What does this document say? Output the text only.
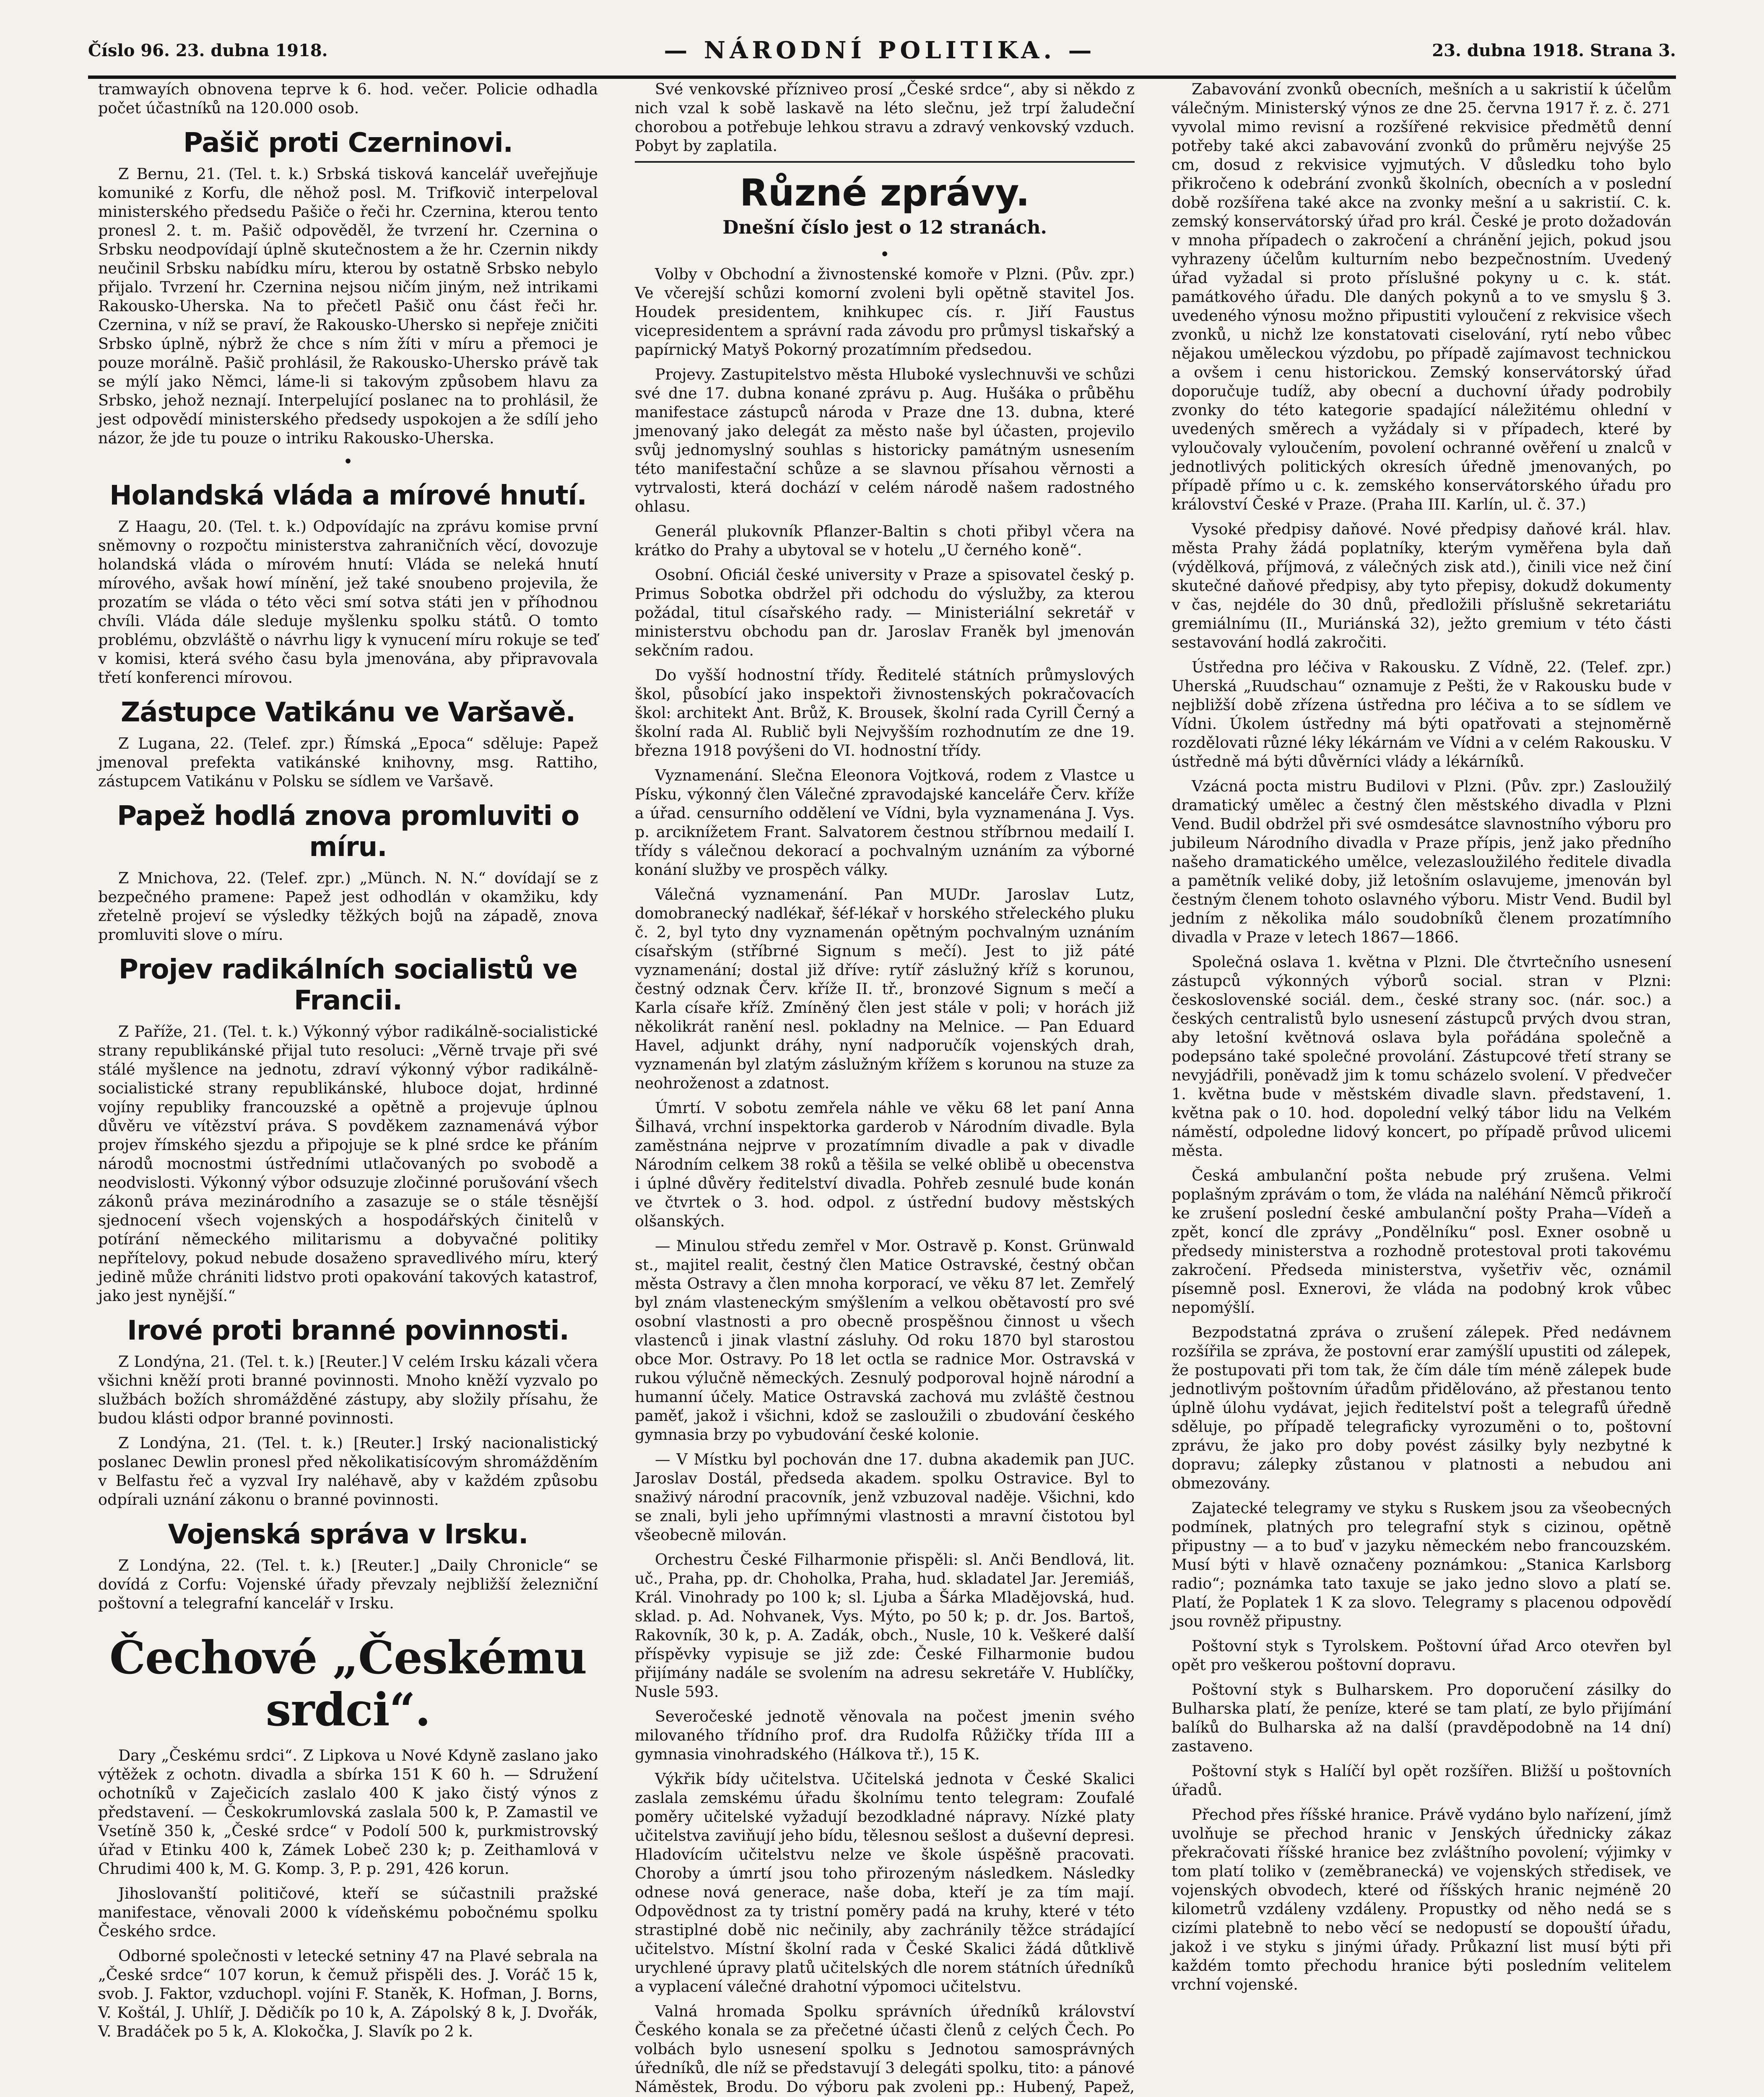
Číslo 96. 23. dubna 1918.	— NÁRODNÍ POLITIKA. —	23. dubna 1918. Strana 3.

tramwayích obnovena teprve k 6. hod. večer. Policie odhadla počet účastníků na 120.000 osob.

Pašič proti Czerninovi.

Z Bernu, 21. (Tel. t. k.) Srbská tisková kancelář uveřejňuje komuniké z Korfu, dle něhož posl. M. Trifkovič interpeloval ministerského předsedu Pašiče o řeči hr. Czernina, kterou tento pronesl 2. t. m. Pašič odpověděl, že tvrzení hr. Czernina o Srbsku neodpovídají úplně skutečnostem a že hr. Czernin nikdy neučinil Srbsku nabídku míru, kterou by ostatně Srbsko nebylo přijalo. Tvrzení hr. Czernina nejsou ničím jiným, než intrikami Rakousko-Uherska. Na to přečetl Pašič onu část řeči hr. Czernina, v níž se praví, že Rakousko-Uhersko si nepřeje zničiti Srbsko úplně, nýbrž že chce s ním žíti v míru a přemoci je pouze morálně. Pašič prohlásil, že Rakousko-Uhersko právě tak se mýlí jako Němci, láme-li si takovým způsobem hlavu za Srbsko, jehož neznají. Interpelující poslanec na to prohlásil, že jest odpovědí ministerského předsedy uspokojen a že sdílí jeho názor, že jde tu pouze o intriku Rakousko-Uherska.

•
Holandská vláda a mírové hnutí.

Z Haagu, 20. (Tel. t. k.) Odpovídajíc na zprávu komise první sněmovny o rozpočtu ministerstva zahraničních věcí, dovozuje holandská vláda o mírovém hnutí: Vláda se neleká hnutí mírového, avšak howí mínění, jež také snoubeno projevila, že prozatím se vláda o této věci smí sotva státi jen v příhodnou chvíli. Vláda dále sleduje myšlenku spolku států. O tomto problému, obzvláště o návrhu ligy k vynucení míru rokuje se teď v komisi, která svého času byla jmenována, aby připravovala třetí konferenci mírovou.

Zástupce Vatikánu ve Varšavě.

Z Lugana, 22. (Telef. zpr.) Římská „Epoca“ sděluje: Papež jmenoval prefekta vatikánské knihovny, msg. Rattiho, zástupcem Vatikánu v Polsku se sídlem ve Varšavě.

Papež hodlá znova promluviti o míru.

Z Mnichova, 22. (Telef. zpr.) „Münch. N. N.“ dovídají se z bezpečného pramene: Papež jest odhodlán v okamžiku, kdy zřetelně projeví se výsledky těžkých bojů na západě, znova promluviti slove o míru.

Projev radikálních socialistů ve Francii.

Z Paříže, 21. (Tel. t. k.) Výkonný výbor radikálně-socialistické strany republikánské přijal tuto resoluci: „Věrně trvaje při své stálé myšlence na jednotu, zdraví výkonný výbor radikálně-socialistické strany republikánské, hluboce dojat, hrdinné vojíny republiky francouzské a opětně a projevuje úplnou důvěru ve vítězství práva. S povděkem zaznamenává výbor projev římského sjezdu a připojuje se k plné srdce ke přáním národů mocnostmi ústředními utlačovaných po svobodě a neodvislosti. Výkonný výbor odsuzuje zločinné porušování všech zákonů práva mezinárodního a zasazuje se o stále těsnější sjednocení všech vojenských a hospodářských činitelů v potírání německého militarismu a dobyvačné politiky nepřítelovy, pokud nebude dosaženo spravedlivého míru, který jedině může chrániti lidstvo proti opakování takových katastrof, jako jest nynější.“

Irové proti branné povinnosti.

Z Londýna, 21. (Tel. t. k.) [Reuter.] V celém Irsku kázali včera všichni kněží proti branné povinnosti. Mnoho kněží vyzvalo po službách božích shromážděné zástupy, aby složily přísahu, že budou klásti odpor branné povinnosti.

Z Londýna, 21. (Tel. t. k.) [Reuter.] Irský nacionalistický poslanec Dewlin pronesl před několikatisícovým shromážděním v Belfastu řeč a vyzval Iry naléhavě, aby v každém způsobu odpírali uznání zákonu o branné povinnosti.

Vojenská správa v Irsku.

Z Londýna, 22. (Tel. t. k.) [Reuter.] „Daily Chronicle“ se dovídá z Corfu: Vojenské úřady převzaly nejbližší železniční poštovní a telegrafní kancelář v Irsku.

Čechové „Českému srdci“.

Dary „Českému srdci“. Z Lipkova u Nové Kdyně zaslano jako výtěžek z ochotn. divadla a sbírka 151 K 60 h. — Sdružení ochotníků v Zaječicích zaslalo 400 K jako čistý výnos z představení. — Českokrumlovská zaslala 500 k, P. Zamastil ve Vsetíně 350 k, „České srdce“ v Podolí 500 k, purkmistrovský úřad v Etinku 400 k, Zámek Lobeč 230 k; p. Zeithamlová v Chrudimi 400 k, M. G. Komp. 3, P. p. 291, 426 korun.

Jihoslovanští političové, kteří se súčastnili pražské manifestace, věnovali 2000 k vídeňskému pobočnému spolku Českého srdce.

Odborné společnosti v letecké setniny 47 na Plavé sebrala na „České srdce“ 107 korun, k čemuž přispěli des. J. Voráč 15 k, svob. J. Faktor, vzduchopl. vojíni F. Staněk, K. Hofman, J. Borns, V. Koštál, J. Uhlíř, J. Dědičík po 10 k, A. Zápolský 8 k, J. Dvořák, V. Bradáček po 5 k, A. Klokočka, J. Slavík po 2 k.

Své venkovské přízniveo prosí „České srdce“, aby si někdo z nich vzal k sobě laskavě na léto slečnu, jež trpí žaludeční chorobou a potřebuje lehkou stravu a zdravý venkovský vzduch. Pobyt by zaplatila.

Různé zprávy.

Dnešní číslo jest o 12 stranách.

•

Volby v Obchodní a živnostenské komoře v Plzni. (Pův. zpr.) Ve včerejší schůzi komorní zvoleni byli opětně stavitel Jos. Houdek presidentem, knihkupec cís. r. Jiří Faustus vicepresidentem a správní rada závodu pro průmysl tiskařský a papírnický Matyš Pokorný prozatímním předsedou.

Projevy. Zastupitelstvo města Hluboké vyslechnuvši ve schůzi své dne 17. dubna konané zprávu p. Aug. Hušáka o průběhu manifestace zástupců národa v Praze dne 13. dubna, které jmenovaný jako delegát za město naše byl účasten, projevilo svůj jednomyslný souhlas s historicky památným usnesením této manifestační schůze a se slavnou přísahou věrnosti a vytrvalosti, která dochází v celém národě našem radostného ohlasu.

Generál plukovník Pflanzer-Baltin s choti přibyl včera na krátko do Prahy a ubytoval se v hotelu „U černého koně“.

Osobní. Oficiál české university v Praze a spisovatel český p. Primus Sobotka obdržel při odchodu do výslužby, za kterou požádal, titul císařského rady. — Ministeriální sekretář v ministerstvu obchodu pan dr. Jaroslav Franěk byl jmenován sekčním radou.

Do vyšší hodnostní třídy. Ředitelé státních průmyslových škol, působící jako inspektoři živnostenských pokračovacích škol: architekt Ant. Brůž, K. Brousek, školní rada Cyrill Černý a školní rada Al. Rublič byli Nejvyšším rozhodnutím ze dne 19. března 1918 povýšeni do VI. hodnostní třídy.

Vyznamenání. Slečna Eleonora Vojtková, rodem z Vlastce u Písku, výkonný člen Válečné zpravodajské kanceláře Červ. kříže a úřad. censurního oddělení ve Vídni, byla vyznamenána J. Vys. p. arciknížetem Frant. Salvatorem čestnou stříbrnou medailí I. třídy s válečnou dekorací a pochvalným uznáním za výborné konání služby ve prospěch války.

Válečná vyznamenání. Pan MUDr. Jaroslav Lutz, domobranecký nadlékař, šéf-lékař v horského střeleckého pluku č. 2, byl tyto dny vyznamenán opětným pochvalným uznáním císařským (stříbrné Signum s mečí). Jest to již páté vyznamenání; dostal již dříve: rytíř záslužný kříž s korunou, čestný odznak Červ. kříže II. tř., bronzové Signum s mečí a Karla císaře kříž. Zmíněný člen jest stále v poli; v horách již několikrát ranění nesl. pokladny na Melnice. — Pan Eduard Havel, adjunkt dráhy, nyní nadporučík vojenských drah, vyznamenán byl zlatým záslužným křížem s korunou na stuze za neohroženost a zdatnost.

Úmrtí. V sobotu zemřela náhle ve věku 68 let paní Anna Šilhavá, vrchní inspektorka garderob v Národním divadle. Byla zaměstnána nejprve v prozatímním divadle a pak v divadle Národním celkem 38 roků a těšila se velké oblibě u obecenstva i úplné důvěry ředitelství divadla. Pohřeb zesnulé bude konán ve čtvrtek o 3. hod. odpol. z ústřední budovy městských olšanských.

— Minulou středu zemřel v Mor. Ostravě p. Konst. Grünwald st., majitel realit, čestný člen Matice Ostravské, čestný občan města Ostravy a člen mnoha korporací, ve věku 87 let. Zemřelý byl znám vlasteneckým smýšlením a velkou obětavostí pro své osobní vlastnosti a pro obecně prospěšnou činnost u všech vlastenců i jinak vlastní zásluhy. Od roku 1870 byl starostou obce Mor. Ostravy. Po 18 let octla se radnice Mor. Ostravská v rukou výlučně německých. Zesnulý podporoval hojně národní a humanní účely. Matice Ostravská zachová mu zvláště čestnou paměť, jakož i všichni, kdož se zasloužili o zbudování českého gymnasia brzy po vybudování české kolonie.

— V Místku byl pochován dne 17. dubna akademik pan JUC. Jaroslav Dostál, předseda akadem. spolku Ostravice. Byl to snaživý národní pracovník, jenž vzbuzoval naděje. Všichni, kdo se znali, byli jeho upřímnými vlastnosti a mravní čistotou byl všeobecně milován.

Orchestru České Filharmonie přispěli: sl. Anči Bendlová, lit. uč., Praha, pp. dr. Choholka, Praha, hud. skladatel Jar. Jeremiáš, Král. Vinohrady po 100 k; sl. Ljuba a Šárka Mladějovská, hud. sklad. p. Ad. Nohvanek, Vys. Mýto, po 50 k; p. dr. Jos. Bartoš, Rakovník, 30 k, p. A. Zadák, obch., Nusle, 10 k. Veškeré další příspěvky vypisuje se již zde: České Filharmonie budou přijímány nadále se svolením na adresu sekretáře V. Hublíčky, Nusle 593.

Severočeské jednotě věnovala na počest jmenin svého milovaného třídního prof. dra Rudolfa Růžičky třída III a gymnasia vinohradského (Hálkova tř.), 15 K.

Výkřik bídy učitelstva. Učitelská jednota v České Skalici zaslala zemskému úřadu školnímu tento telegram: Zoufalé poměry učitelské vyžadují bezodkladné nápravy. Nízké platy učitelstva zaviňují jeho bídu, tělesnou sešlost a duševní depresi. Hladovícím učitelstvu nelze ve škole úspěšně pracovati. Choroby a úmrtí jsou toho přirozeným následkem. Následky odnese nová generace, naše doba, kteří je za tím mají. Odpovědnost za ty tristní poměry padá na kruhy, které v této strastiplné době nic nečinily, aby zachránily těžce strádající učitelstvo. Místní školní rada v České Skalici žádá důtklivě urychlené úpravy platů učitelských dle norem státních úředníků a vyplacení válečné drahotní výpomoci učitelstvu.

Valná hromada Spolku správních úředníků království Českého konala se za přečetné účasti členů z celých Čech. Po volbách bylo usnesení spolku s Jednotou samosprávných úředníků, dle níž se představují 3 delegáti spolku, tito: a pánové Náměstek, Brodu. Do výboru pak zvoleni pp.: Hubený, Papež,

Zabavování zvonků obecních, mešních a u sakristií k účelům válečným. Ministerský výnos ze dne 25. června 1917 ř. z. č. 271 vyvolal mimo revisní a rozšířené rekvisice předmětů denní potřeby také akci zabavování zvonků do průměru nejvýše 25 cm, dosud z rekvisice vyjmutých. V důsledku toho bylo přikročeno k odebrání zvonků školních, obecních a v poslední době rozšířena také akce na zvonky mešní a u sakristií. C. k. zemský konservátorský úřad pro král. České je proto dožadován v mnoha případech o zakročení a chránění jejich, pokud jsou vyhrazeny účelům kulturním nebo bezpečnostním. Uvedený úřad vyžadal si proto příslušné pokyny u c. k. stát. památkového úřadu. Dle daných pokynů a to ve smyslu § 3. uvedeného výnosu možno připustiti vyloučení z rekvisice všech zvonků, u nichž lze konstatovati ciselování, rytí nebo vůbec nějakou uměleckou výzdobu, po případě zajímavost technickou a ovšem i cenu historickou. Zemský konservátorský úřad doporučuje tudíž, aby obecní a duchovní úřady podrobily zvonky do této kategorie spadající náležitému ohlední v uvedených směrech a vyžádaly si v případech, které by vyloučovaly vyloučením, povolení ochranné ověření u znalců v jednotlivých politických okresích úředně jmenovaných, po případě přímo u c. k. zemského konservátorského úřadu pro království České v Praze. (Praha III. Karlín, ul. č. 37.)

Vysoké předpisy daňové. Nové předpisy daňové král. hlav. města Prahy žádá poplatníky, kterým vyměřena byla daň (výdělková, příjmová, z válečných zisk atd.), činili vice než činí skutečné daňové předpisy, aby tyto přepisy, dokudž dokumenty v čas, nejdéle do 30 dnů, předložili příslušně sekretariátu gremiálnímu (II., Muriánská 32), ježto gremium v této části sestavování hodlá zakročiti.

Ústředna pro léčiva v Rakousku. Z Vídně, 22. (Telef. zpr.) Uherská „Ruudschau“ oznamuje z Pešti, že v Rakousku bude v nejbližší době zřízena ústředna pro léčiva a to se sídlem ve Vídni. Úkolem ústředny má býti opatřovati a stejnoměrně rozdělovati různé léky lékárnám ve Vídni a v celém Rakousku. V ústředně má býti důvěrníci vlády a lékárníků.

Vzácná pocta mistru Budilovi v Plzni. (Pův. zpr.) Zasloužilý dramatický umělec a čestný člen městského divadla v Plzni Vend. Budil obdržel při své osmdesátce slavnostního výboru pro jubileum Národního divadla v Praze přípis, jenž jako předního našeho dramatického umělce, velezasloužilého ředitele divadla a pamětník veliké doby, již letošním oslavujeme, jmenován byl čestným členem tohoto oslavného výboru. Mistr Vend. Budil byl jedním z několika málo soudobníků členem prozatímního divadla v Praze v letech 1867—1866.

Společná oslava 1. května v Plzni. Dle čtvrtečního usnesení zástupců výkonných výborů social. stran v Plzni: československé sociál. dem., české strany soc. (nár. soc.) a českých centralistů bylo usnesení zástupců prvých dvou stran, aby letošní květnová oslava byla pořádána společně a podepsáno také společné provolání. Zástupcové třetí strany se nevyjádřili, poněvadž jim k tomu scházelo svolení. V předvečer 1. května bude v městském divadle slavn. představení, 1. května pak o 10. hod. dopolední velký tábor lidu na Velkém náměstí, odpoledne lidový koncert, po případě průvod ulicemi města.

Česká ambulanční pošta nebude prý zrušena. Velmi poplašným zprávám o tom, že vláda na naléhání Němců přikročí ke zrušení poslední české ambulanční pošty Praha—Vídeň a zpět, koncí dle zprávy „Pondělníku“ posl. Exner osobně u předsedy ministerstva a rozhodně protestoval proti takovému zakročení. Předseda ministerstva, vyšetřiv věc, oznámil písemně posl. Exnerovi, že vláda na podobný krok vůbec nepomýšlí.

Bezpodstatná zpráva o zrušení zálepek. Před nedávnem rozšířila se zpráva, že postovní erar zamýšlí upustiti od zálepek, že postupovati při tom tak, že čím dále tím méně zálepek bude jednotlivým poštovním úřadům přidělováno, až přestanou tento úplně úlohu vydávat, jejich ředitelství pošt a telegrafů úředně sděluje, po případě telegraficky vyrozuměni o to, poštovní zprávu, že jako pro doby povést zásilky byly nezbytné k dopravu; zálepky zůstanou v platnosti a nebudou ani obmezovány.

Zajatecké telegramy ve styku s Ruskem jsou za všeobecných podmínek, platných pro telegrafní styk s cizinou, opětně připustny — a to buď v jazyku německém nebo francouzském. Musí býti v hlavě označeny poznámkou: „Stanica Karlsborg radio“; poznámka tato taxuje se jako jedno slovo a platí se. Platí, že Poplatek 1 K za slovo. Telegramy s placenou odpovědí jsou rovněž připustny.

Poštovní styk s Tyrolskem. Poštovní úřad Arco otevřen byl opět pro veškerou poštovní dopravu.

Poštovní styk s Bulharskem. Pro doporučení zásilky do Bulharska platí, že peníze, které se tam platí, ze bylo přijímání balíků do Bulharska až na další (pravděpodobně na 14 dní) zastaveno.

Poštovní styk s Halíčí byl opět rozšířen. Bližší u poštovních úřadů.

Přechod přes říšské hranice. Právě vydáno bylo nařízení, jímž uvolňuje se přechod hranic v Jenských úřednicky zákaz překračovati říšské hranice bez zvláštního povolení; výjimky v tom platí toliko v (zeměbranecká) ve vojenských středisek, ve vojenských obvodech, které od říšských hranic nejméně 20 kilometrů vzdáleny vzdáleny. Propustky od něho nedá se s cizími platebně to nebo věcí se nedopustí se dopouští úřadu, jakož i ve styku s jinými úřady. Průkazní list musí býti při každém tomto přechodu hranice býti posledním velitelem vrchní vojenské.
